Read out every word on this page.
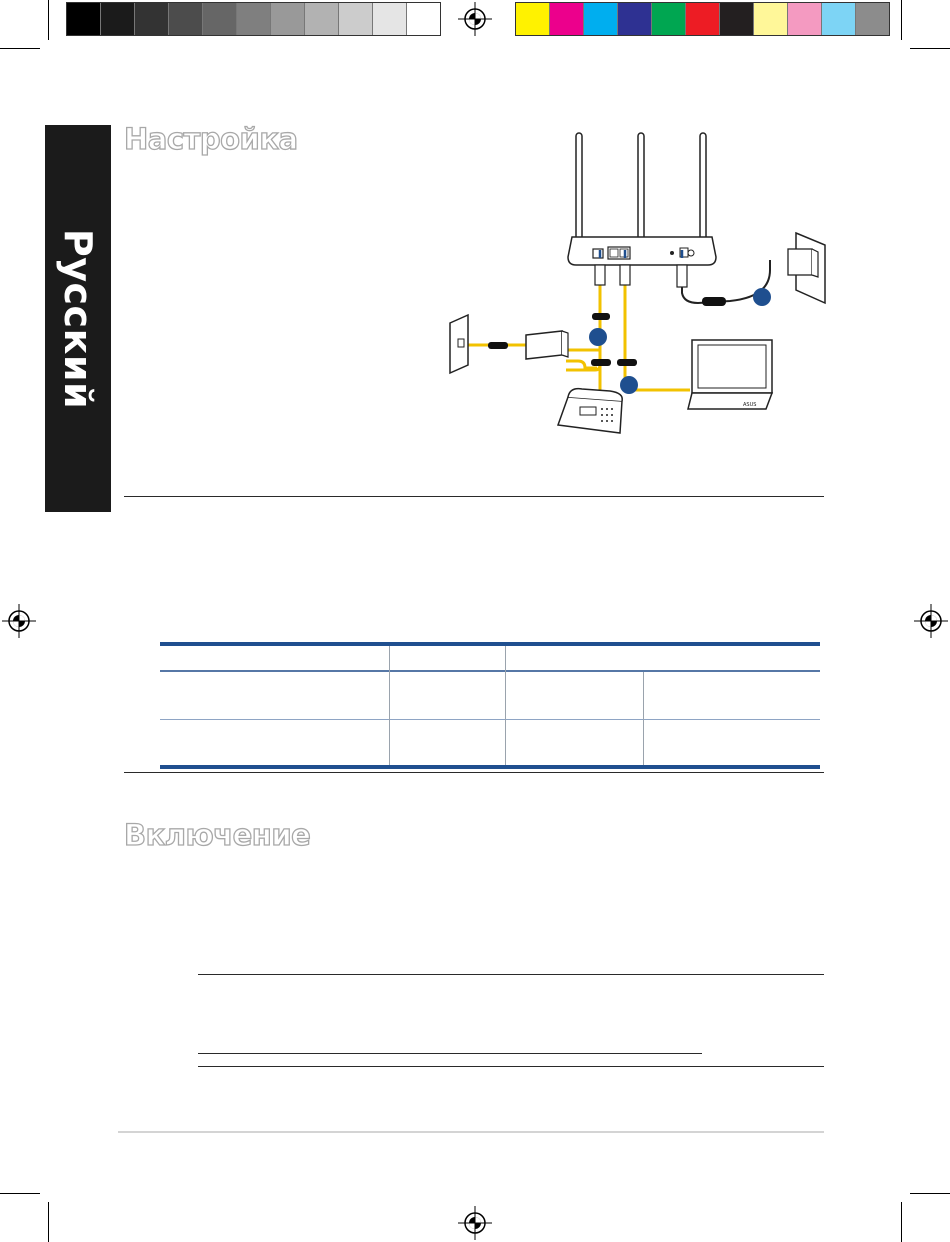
Русский
Настройка
Включение
ASUS
